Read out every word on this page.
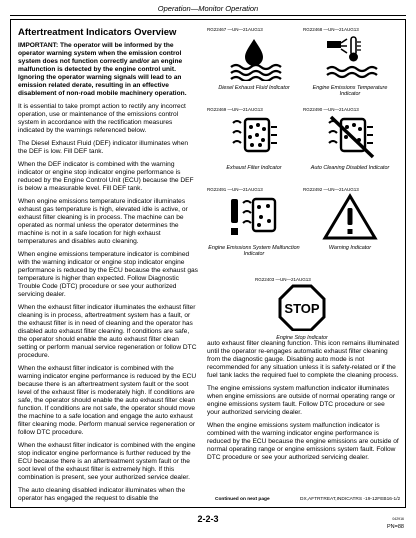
Operation—Monitor Operation
Aftertreatment Indicators Overview
IMPORTANT: The operator will be informed by the operator warning system when the emission control system does not function correctly and/or an engine malfunction is detected by the engine control unit. Ignoring the operator warning signals will lead to an emission related derate, resulting in an effective disablement of non-road mobile machinery operation.
It is essential to take prompt action to rectify any incorrect operation, use or maintenance of the emissions control system in accordance with the rectification measures indicated by the warnings referenced below.
The Diesel Exhaust Fluid (DEF) indicator illuminates when the DEF is low. Fill DEF tank.
When the DEF indicator is combined with the warning indicator or engine stop indicator engine performance is reduced by the Engine Control Unit (ECU) because the DEF is below a measurable level. Fill DEF tank.
When engine emissions temperature indicator illuminates exhaust gas temperature is high, elevated idle is active, or exhaust filter cleaning is in process. The machine can be operated as normal unless the operator determines the machine is not in a safe location for high exhaust temperatures and disables auto cleaning.
When engine emissions temperature indicator is combined with the warning indicator or engine stop indicator engine performance is reduced by the ECU because the exhaust gas temperature is higher than expected. Follow Diagnostic Trouble Code (DTC) procedure or see your authorized servicing dealer.
When the exhaust filter indicator illuminates the exhaust filter cleaning is in process, aftertreatment system has a fault, or the exhaust filter is in need of cleaning and the operator has disabled auto exhaust filter cleaning. If conditions are safe, the operator should enable the auto exhaust filter clean setting or perform manual service regeneration or follow DTC procedure.
When the exhaust filter indicator is combined with the warning indicator engine performance is reduced by the ECU because there is an aftertreatment system fault or the soot level of the exhaust filter is moderately high. If conditions are safe, the operator should enable the auto exhaust filter clean function. If conditions are not safe, the operator should move the machine to a safe location and engage the auto exhaust filter cleaning mode. Perform manual service regeneration or follow DTC procedure.
When the exhaust filter indicator is combined with the engine stop indicator engine performance is further reduced by the ECU because there is an aftertreatment system fault or the soot level of the exhaust filter is extremely high. If this combination is present, see your authorized service dealer.
The auto cleaning disabled indicator illuminates when the operator has engaged the request to disable the
RG22467 —UN—21AUG13
Diesel Exhaust Fluid Indicator
RG22468 —UN—21AUG13
Engine Emissions Temperature Indicator
RG22469 —UN—21AUG13
Exhaust Filter Indicator
RG22490 —UN—21AUG13
Auto Cleaning Disabled Indicator
RG22491 —UN—21AUG13
Engine Emissions System Malfunction Indicator
RG22492 —UN—21AUG13
Warning Indicator
RG22403 —UN—21AUG13
STOP
Engine Stop Indicator
auto exhaust filter cleaning function. This icon remains illuminated until the operator re-engages automatic exhaust filter cleaning from the diagnostic gauge. Disabling auto mode is not recommended for any situation unless it is safety-related or if the fuel tank lacks the required fuel to complete the cleaning process.
The engine emissions system malfunction indicator illuminates when engine emissions are outside of normal operating range or engine emissions system fault. Follow DTC procedure or see your authorized servicing dealer.
When the engine emissions system malfunction indicator is combined with the warning indicator engine performance is reduced by the ECU because the engine emissions are outside of normal operating range or engine emissions system fault. Follow DTC procedure or see your authorized servicing dealer.
Continued on next page	DX,AFTRTREAT,INDICATRS -19-12FEB16-1/2
2-2-3	042916
PN=88
